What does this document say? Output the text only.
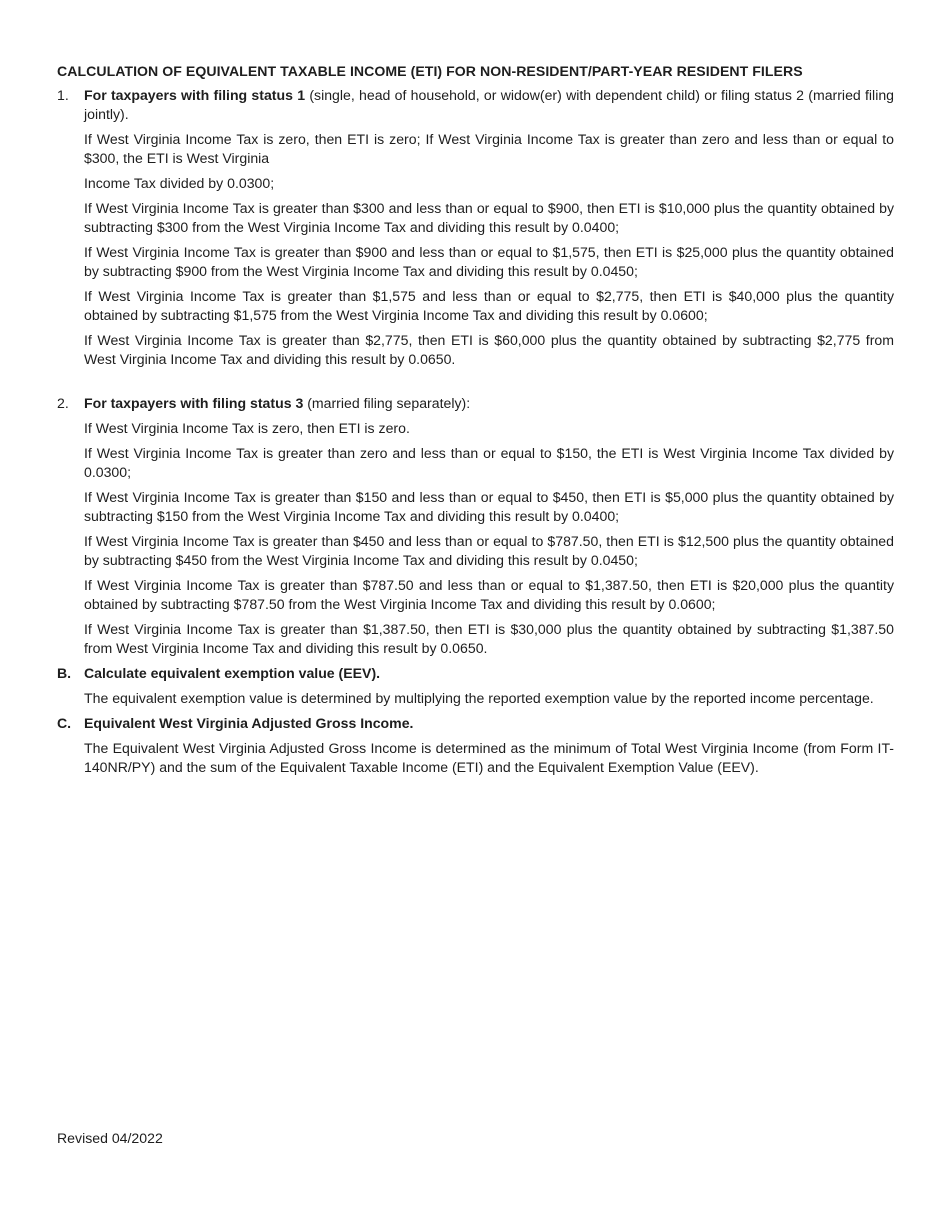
CALCULATION OF EQUIVALENT TAXABLE INCOME (ETI) FOR NON-RESIDENT/PART-YEAR RESIDENT FILERS

1. For taxpayers with filing status 1 (single, head of household, or widow(er) with dependent child) or filing status 2 (married filing jointly).

If West Virginia Income Tax is zero, then ETI is zero; If West Virginia Income Tax is greater than zero and less than or equal to $300, the ETI is West Virginia

Income Tax divided by 0.0300;

If West Virginia Income Tax is greater than $300 and less than or equal to $900, then ETI is $10,000 plus the quantity obtained by subtracting $300 from the West Virginia Income Tax and dividing this result by 0.0400;

If West Virginia Income Tax is greater than $900 and less than or equal to $1,575, then ETI is $25,000 plus the quantity obtained by subtracting $900 from the West Virginia Income Tax and dividing this result by 0.0450;

If West Virginia Income Tax is greater than $1,575 and less than or equal to $2,775, then ETI is $40,000 plus the quantity obtained by subtracting $1,575 from the West Virginia Income Tax and dividing this result by 0.0600;

If West Virginia Income Tax is greater than $2,775, then ETI is $60,000 plus the quantity obtained by subtracting $2,775 from West Virginia Income Tax and dividing this result by 0.0650.

2. For taxpayers with filing status 3 (married filing separately):

If West Virginia Income Tax is zero, then ETI is zero.

If West Virginia Income Tax is greater than zero and less than or equal to $150, the ETI is West Virginia Income Tax divided by 0.0300;

If West Virginia Income Tax is greater than $150 and less than or equal to $450, then ETI is $5,000 plus the quantity obtained by subtracting $150 from the West Virginia Income Tax and dividing this result by 0.0400;

If West Virginia Income Tax is greater than $450 and less than or equal to $787.50, then ETI is $12,500 plus the quantity obtained by subtracting $450 from the West Virginia Income Tax and dividing this result by 0.0450;

If West Virginia Income Tax is greater than $787.50 and less than or equal to $1,387.50, then ETI is $20,000 plus the quantity obtained by subtracting $787.50 from the West Virginia Income Tax and dividing this result by 0.0600;

If West Virginia Income Tax is greater than $1,387.50, then ETI is $30,000 plus the quantity obtained by subtracting $1,387.50 from West Virginia Income Tax and dividing this result by 0.0650.

B. Calculate equivalent exemption value (EEV).

The equivalent exemption value is determined by multiplying the reported exemption value by the reported income percentage.

C. Equivalent West Virginia Adjusted Gross Income.

The Equivalent West Virginia Adjusted Gross Income is determined as the minimum of Total West Virginia Income (from Form IT-140NR/PY) and the sum of the Equivalent Taxable Income (ETI) and the Equivalent Exemption Value (EEV).

Revised 04/2022
